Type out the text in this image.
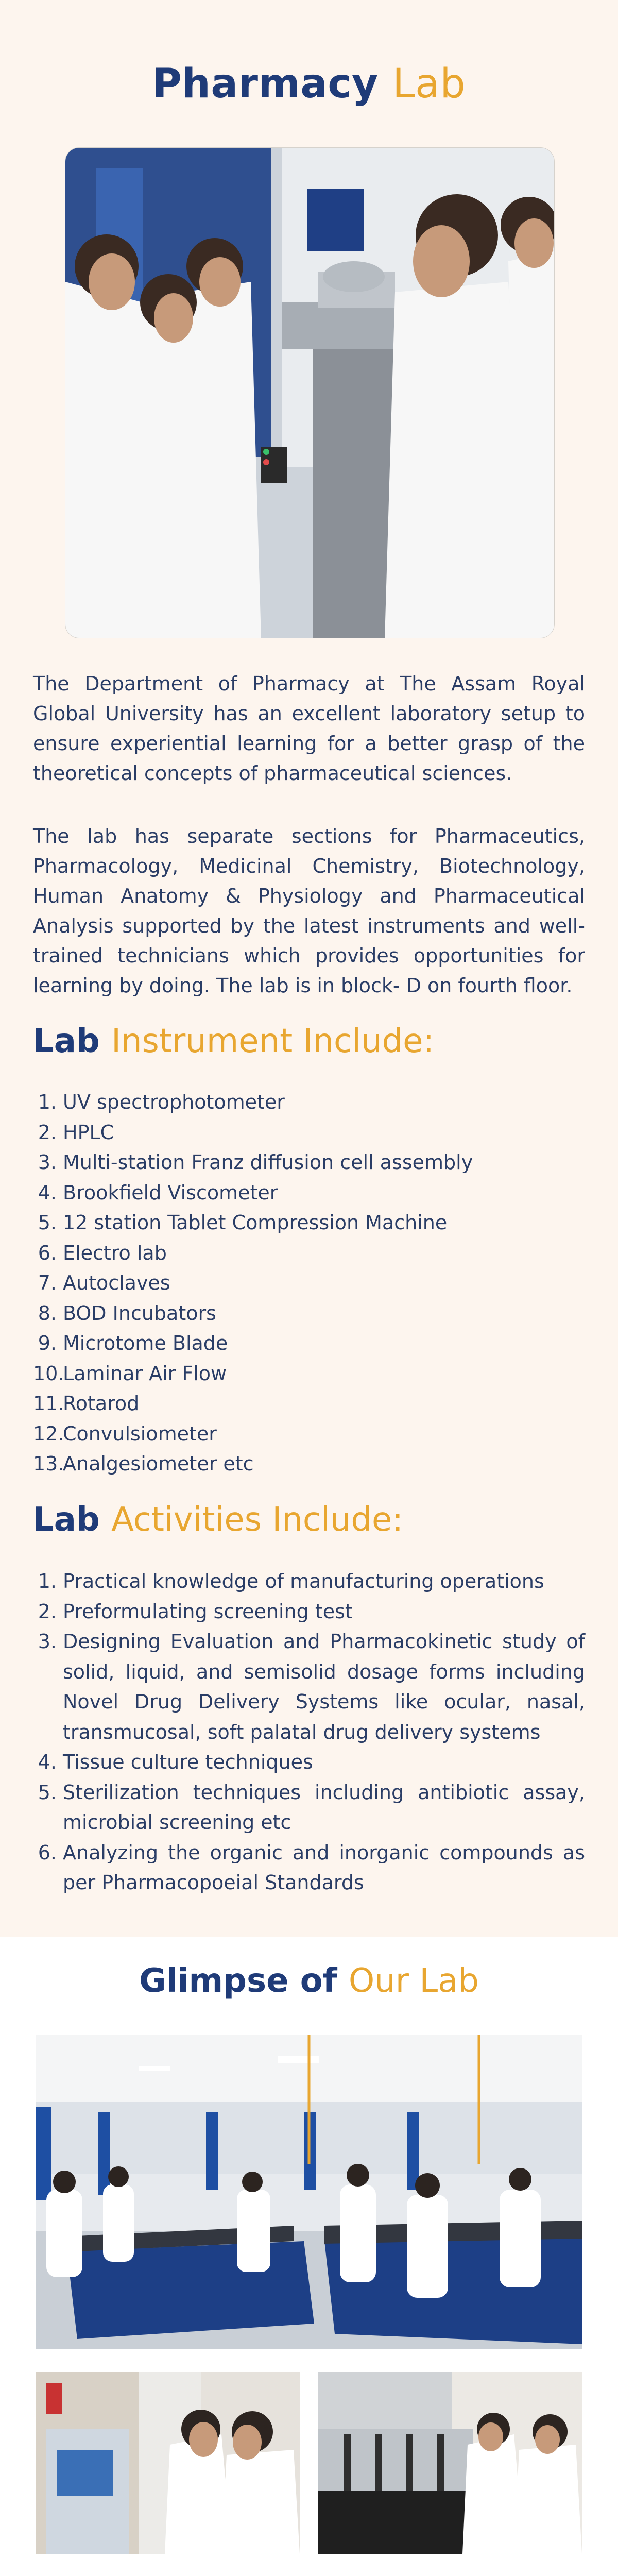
Pharmacy Lab

The Department of Pharmacy at The Assam Royal Global University has an excellent laboratory setup to ensure experiential learning for a better grasp of the theoretical concepts of pharmaceutical sciences.

The lab has separate sections for Pharmaceutics, Pharmacology, Medicinal Chemistry, Biotechnology, Human Anatomy & Physiology and Pharmaceutical Analysis supported by the latest instruments and well-trained technicians which provides opportunities for learning by doing. The lab is in block- D on fourth floor.

Lab Instrument Include:
1. UV spectrophotometer
2. HPLC
3. Multi-station Franz diffusion cell assembly
4. Brookfield Viscometer
5. 12 station Tablet Compression Machine
6. Electro lab
7. Autoclaves
8. BOD Incubators
9. Microtome Blade
10.
Laminar Air Flow
11.
Rotarod
12.
Convulsiometer
13.
Analgesiometer etc
Lab Activities Include:
1. Practical knowledge of manufacturing operations
2. Preformulating screening test
3. Designing Evaluation and Pharmacokinetic study of solid, liquid, and semisolid dosage forms including Novel Drug Delivery Systems like ocular, nasal, transmucosal, soft palatal drug delivery systems
4. Tissue culture techniques
5. Sterilization techniques including antibiotic assay, microbial screening etc
6. Analyzing the organic and inorganic compounds as per Pharmacopoeial Standards
Glimpse of Our Lab
